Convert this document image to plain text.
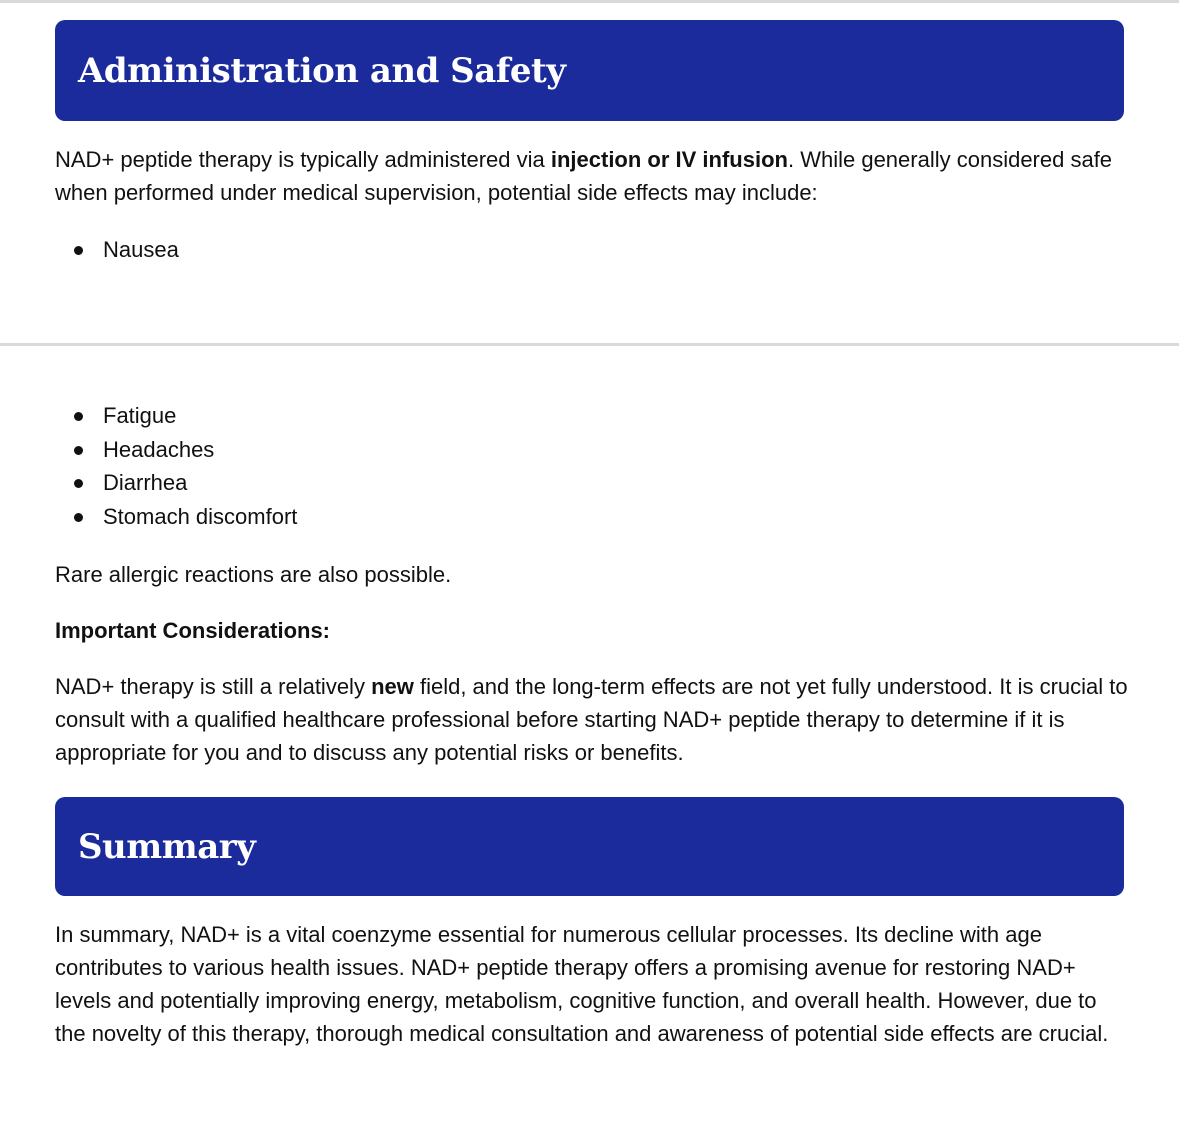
Administration and Safety

NAD+ peptide therapy is typically administered via injection or IV infusion. While generally considered safe when performed under medical supervision, potential side effects may include:

Nausea
Fatigue
Headaches
Diarrhea
Stomach discomfort

Rare allergic reactions are also possible.

Important Considerations:

NAD+ therapy is still a relatively new field, and the long-term effects are not yet fully understood. It is crucial to consult with a qualified healthcare professional before starting NAD+ peptide therapy to determine if it is appropriate for you and to discuss any potential risks or benefits.

Summary

In summary, NAD+ is a vital coenzyme essential for numerous cellular processes. Its decline with age contributes to various health issues. NAD+ peptide therapy offers a promising avenue for restoring NAD+ levels and potentially improving energy, metabolism, cognitive function, and overall health. However, due to the novelty of this therapy, thorough medical consultation and awareness of potential side effects are crucial.
